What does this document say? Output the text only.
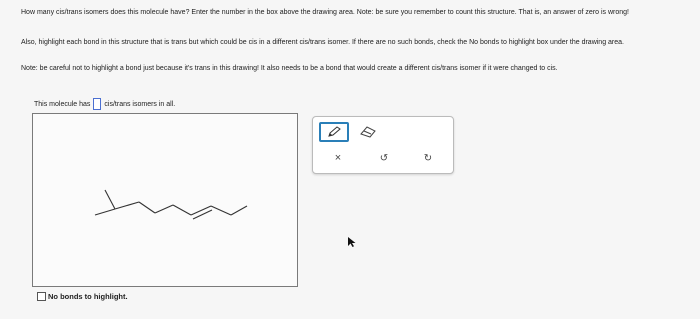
How many cis/trans isomers does this molecule have? Enter the number in the box above the drawing area. Note: be sure you remember to count this structure. That is, an answer of zero is wrong!
Also, highlight each bond in this structure that is trans but which could be cis in a different cis/trans isomer. If there are no such bonds, check the No bonds to highlight box under the drawing area.
Note: be careful not to highlight a bond just because it's trans in this drawing! It also needs to be a bond that would create a different cis/trans isomer if it were changed to cis.
This molecule has cis/trans isomers in all.
No bonds to highlight.
×	↺	↻
